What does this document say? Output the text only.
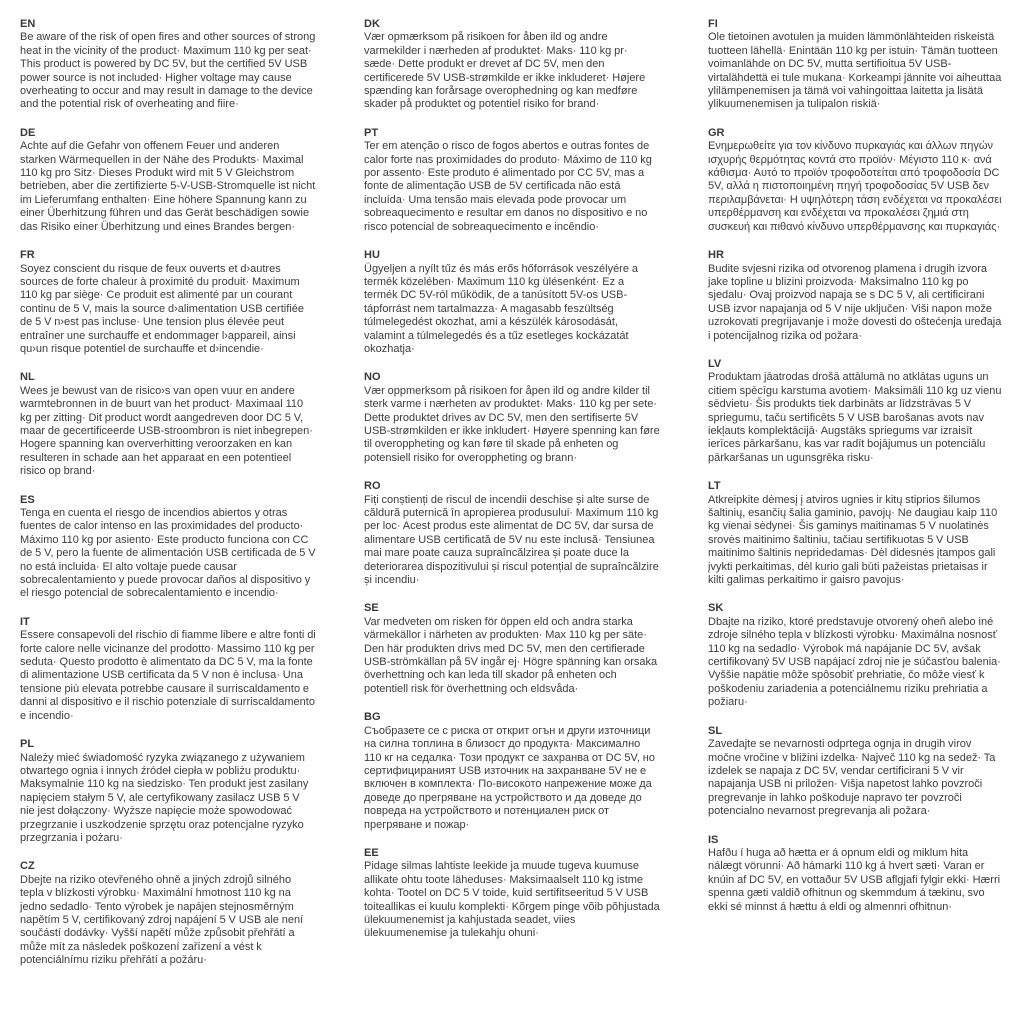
EN

Be aware of the risk of open fires and other sources of strong heat in the vicinity of the product· Maximum 110 kg per seat· This product is powered by DC 5V, but the certified 5V USB power source is not included· Higher voltage may cause overheating to occur and may result in damage to the device and the potential risk of overheating and fiire·

DE

Achte auf die Gefahr von offenem Feuer und anderen starken Wärmequellen in der Nähe des Produkts· Maximal 110 kg pro Sitz· Dieses Produkt wird mit 5 V Gleichstrom betrieben, aber die zertifizierte 5-V-USB-Stromquelle ist nicht im Lieferumfang enthalten· Eine höhere Spannung kann zu einer Überhitzung führen und das Gerät beschädigen sowie das Risiko einer Überhitzung und eines Brandes bergen·

FR

Soyez conscient du risque de feux ouverts et d›autres sources de forte chaleur à proximité du produit· Maximum 110 kg par siège· Ce produit est alimenté par un courant continu de 5 V, mais la source d›alimentation USB certifiée de 5 V n›est pas incluse· Une tension plus élevée peut entraîner une surchauffe et endommager l›appareil, ainsi qu›un risque potentiel de surchauffe et d›incendie·

NL

Wees je bewust van de risico›s van open vuur en andere warmtebronnen in de buurt van het product· Maximaal 110 kg per zitting· Dit product wordt aangedreven door DC 5 V, maar de gecertificeerde USB-stroombron is niet inbegrepen· Hogere spanning kan oververhitting veroorzaken en kan resulteren in schade aan het apparaat en een potentieel risico op brand·

ES

Tenga en cuenta el riesgo de incendios abiertos y otras fuentes de calor intenso en las proximidades del producto· Máximo 110 kg por asiento· Este producto funciona con CC de 5 V, pero la fuente de alimentación USB certificada de 5 V no está incluida· El alto voltaje puede causar sobrecalentamiento y puede provocar daños al dispositivo y el riesgo potencial de sobrecalentamiento e incendio·

IT

Essere consapevoli del rischio di fiamme libere e altre fonti di forte calore nelle vicinanze del prodotto· Massimo 110 kg per seduta· Questo prodotto è alimentato da DC 5 V, ma la fonte di alimentazione USB certificata da 5 V non è inclusa· Una tensione più elevata potrebbe causare il surriscaldamento e danni al dispositivo e il rischio potenziale di surriscaldamento e incendio·

PL

Należy mieć świadomość ryzyka związanego z używaniem otwartego ognia i innych źródeł ciepła w pobliżu produktu· Maksymalnie 110 kg na siedzisko· Ten produkt jest zasilany napięciem stałym 5 V, ale certyfikowany zasilacz USB 5 V nie jest dołączony· Wyższe napięcie może spowodować przegrzanie i uszkodzenie sprzętu oraz potencjalne ryzyko przegrzania i pożaru·

CZ

Dbejte na riziko otevřeného ohně a jiných zdrojů silného tepla v blízkosti výrobku· Maximální hmotnost 110 kg na jedno sedadlo· Tento výrobek je napájen stejnosměrným napětím 5 V, certifikovaný zdroj napájení 5 V USB ale není součástí dodávky· Vyšší napětí může způsobit přehřátí a může mít za následek poškození zařízení a vést k potenciálnímu riziku přehřátí a požáru·

DK

Vær opmærksom på risikoen for åben ild og andre varmekilder i nærheden af produktet· Maks· 110 kg pr· sæde· Dette produkt er drevet af DC 5V, men den certificerede 5V USB-strømkilde er ikke inkluderet· Højere spænding kan forårsage overophedning og kan medføre skader på produktet og potentiel risiko for brand·

PT

Ter em atenção o risco de fogos abertos e outras fontes de calor forte nas proximidades do produto· Máximo de 110 kg por assento· Este produto é alimentado por CC 5V, mas a fonte de alimentação USB de 5V certificada não está incluída· Uma tensão mais elevada pode provocar um sobreaquecimento e resultar em danos no dispositivo e no risco potencial de sobreaquecimento e incêndio·

HU

Ügyeljen a nyílt tűz és más erős hőforrások veszélyére a termék közelében· Maximum 110 kg ülésenként· Ez a termék DC 5V-ról működik, de a tanúsított 5V-os USB-tápforrást nem tartalmazza· A magasabb feszültség túlmelegedést okozhat, ami a készülék károsodását, valamint a túlmelegedés és a tűz esetleges kockázatát okozhatja·

NO

Vær oppmerksom på risikoen for åpen ild og andre kilder til sterk varme i nærheten av produktet· Maks· 110 kg per sete· Dette produktet drives av DC 5V, men den sertifiserte 5V USB-strømkilden er ikke inkludert· Høyere spenning kan føre til overoppheting og kan føre til skade på enheten og potensiell risiko for overoppheting og brann·

RO

Fiți conștienți de riscul de incendii deschise și alte surse de căldură puternică în apropierea produsului· Maximum 110 kg per loc· Acest produs este alimentat de DC 5V, dar sursa de alimentare USB certificată de 5V nu este inclusă· Tensiunea mai mare poate cauza supraîncălzirea și poate duce la deteriorarea dispozitivului și riscul potențial de supraîncălzire și incendiu·

SE

Var medveten om risken för öppen eld och andra starka värmekällor i närheten av produkten· Max 110 kg per säte· Den här produkten drivs med DC 5V, men den certifierade USB-strömkällan på 5V ingår ej· Högre spänning kan orsaka överhettning och kan leda till skador på enheten och potentiell risk för överhettning och eldsvåda·

BG

Съобразете се с риска от открит огън и други източници на силна топлина в близост до продукта· Максимално 110 кг на седалка· Този продукт се захранва от DC 5V, но сертифицираният USB източник на захранване 5V не е включен в комплекта· По-високото напрежение може да доведе до прегряване на устройството и да доведе до повреда на устройството и потенциален риск от прегряване и пожар·

EE

Pidage silmas lahtiste leekide ja muude tugeva kuumuse allikate ohtu toote läheduses· Maksimaalselt 110 kg istme kohta· Tootel on DC 5 V toide, kuid sertifitseeritud 5 V USB toiteallikas ei kuulu komplekti· Kõrgem pinge võib põhjustada ülekuumenemist ja kahjustada seadet, viies ülekuumenemise ja tulekahju ohuni·

FI

Ole tietoinen avotulen ja muiden lämmönlähteiden riskeistä tuotteen lähellä· Enintään 110 kg per istuin· Tämän tuotteen voimanlähde on DC 5V, mutta sertifioitua 5V USB-virtalähdettä ei tule mukana· Korkeampi jännite voi aiheuttaa ylilämpenemisen ja tämä voi vahingoittaa laitetta ja lisätä ylikuumenemisen ja tulipalon riskiä·

GR

Ενημερωθείτε για τον κίνδυνο πυρκαγιάς και άλλων πηγών ισχυρής θερμότητας κοντά στο προϊόν· Μέγιστο 110 κ· ανά κάθισμα· Αυτό το προϊόν τροφοδοτείται από τροφοδοσία DC 5V, αλλά η πιστοποιημένη πηγή τροφοδοσίας 5V USB δεν περιλαμβάνεται· Η υψηλότερη τάση ενδέχεται να προκαλέσει υπερθέρμανση και ενδέχεται να προκαλέσει ζημιά στη συσκευή και πιθανό κίνδυνο υπερθέρμανσης και πυρκαγιάς·

HR

Budite svjesni rizika od otvorenog plamena i drugih izvora jake topline u blizini proizvoda· Maksimalno 110 kg po sjedalu· Ovaj proizvod napaja se s DC 5 V, ali certificirani USB izvor napajanja od 5 V nije uključen· Viši napon može uzrokovati pregrijavanje i može dovesti do oštećenja uređaja i potencijalnog rizika od požara·

LV

Produktam jāatrodas drošā attālumā no atklātas uguns un citiem spēcīgu karstuma avotiem· Maksimāli 110 kg uz vienu sēdvietu· Šis produkts tiek darbināts ar līdzstrāvas 5 V spriegumu, taču sertificēts 5 V USB barošanas avots nav iekļauts komplektācijā· Augstāks spriegums var izraisīt ierīces pārkaršanu, kas var radīt bojājumus un potenciālu pārkaršanas un ugunsgrēka risku·

LT

Atkreipkite dėmesį į atviros ugnies ir kitų stiprios šilumos šaltinių, esančių šalia gaminio, pavojų· Ne daugiau kaip 110 kg vienai sėdynei· Šis gaminys maitinamas 5 V nuolatinės srovės maitinimo šaltiniu, tačiau sertifikuotas 5 V USB maitinimo šaltinis nepridedamas· Dėl didesnės įtampos gali įvykti perkaitimas, dėl kurio gali būti pažeistas prietaisas ir kilti galimas perkaitimo ir gaisro pavojus·

SK

Dbajte na riziko, ktoré predstavuje otvorený oheň alebo iné zdroje silného tepla v blízkosti výrobku· Maximálna nosnosť 110 kg na sedadlo· Výrobok má napájanie DC 5V, avšak certifikovaný 5V USB napájací zdroj nie je súčasťou balenia· Vyššie napätie môže spôsobiť prehriatie, čo môže viesť k poškodeniu zariadenia a potenciálnemu riziku prehriatia a požiaru·

SL

Zavedajte se nevarnosti odprtega ognja in drugih virov močne vročine v bližini izdelka· Največ 110 kg na sedež· Ta izdelek se napaja z DC 5V, vendar certificirani 5 V vir napajanja USB ni priložen· Višja napetost lahko povzroči pregrevanje in lahko poškoduje napravo ter povzroči potencialno nevarnost pregrevanja ali požara·

IS

Hafðu í huga að hætta er á opnum eldi og miklum hita nálægt vörunni· Að hámarki 110 kg á hvert sæti· Varan er knúin af DC 5V, en vottaður 5V USB aflgjafi fylgir ekki· Hærri spenna gæti valdið ofhitnun og skemmdum á tækinu, svo ekki sé minnst á hættu á eldi og almennri ofhitnun·
